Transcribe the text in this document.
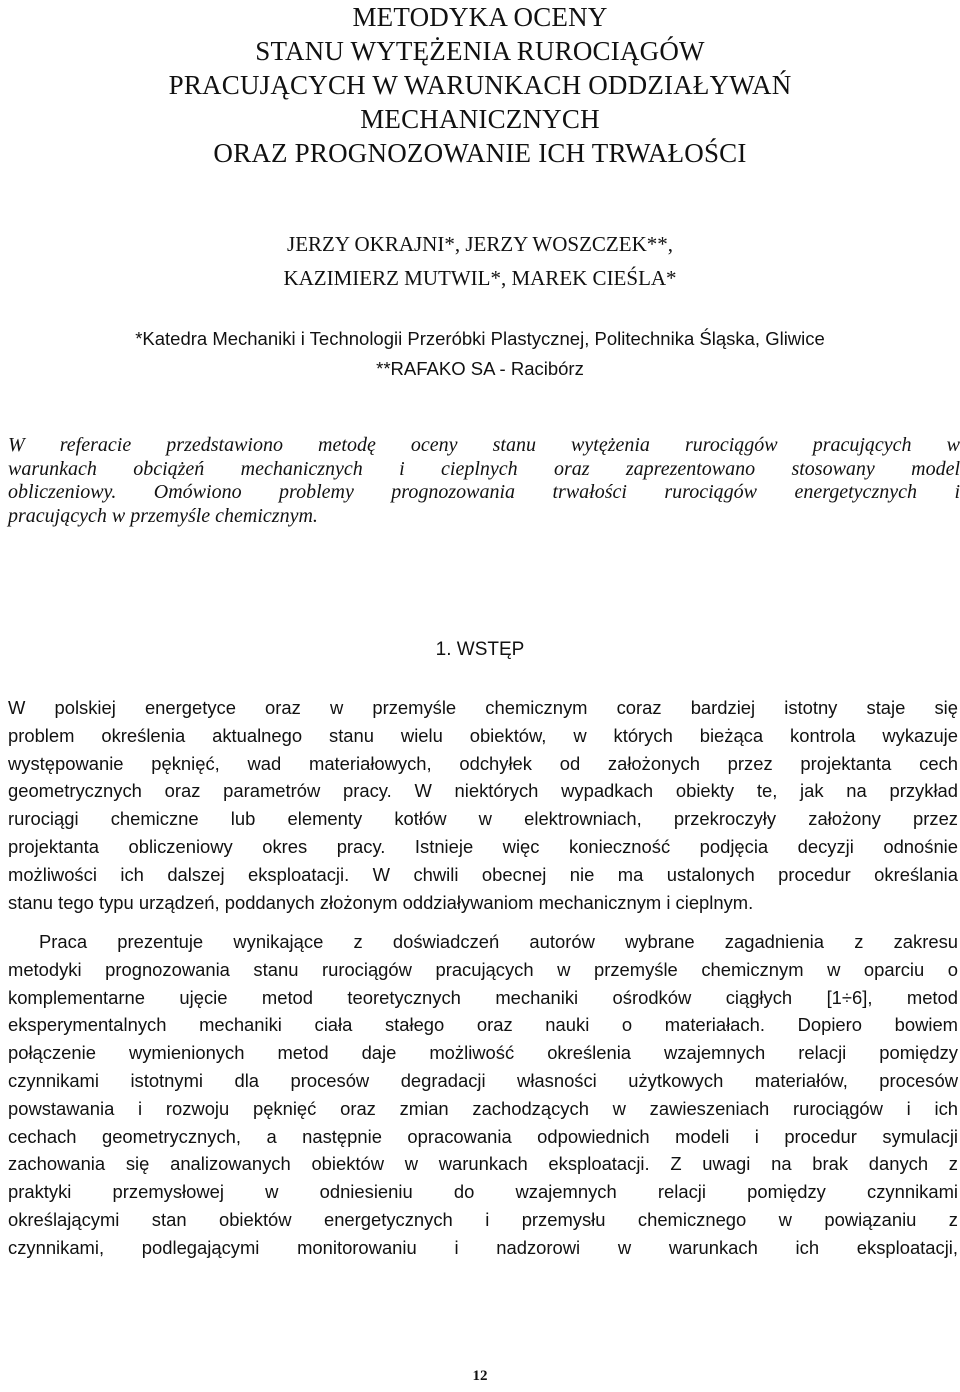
METODYKA OCENY
STANU WYTĘŻENIA RUROCIĄGÓW
PRACUJĄCYCH W WARUNKACH ODDZIAŁYWAŃ
MECHANICZNYCH
ORAZ PROGNOZOWANIE ICH TRWAŁOŚCI
JERZY OKRAJNI*, JERZY WOSZCZEK**,
KAZIMIERZ MUTWIL*, MAREK CIEŚLA*
*Katedra Mechaniki i Technologii Przeróbki Plastycznej, Politechnika Śląska, Gliwice
**RAFAKO SA - Racibórz
W referacie przedstawiono metodę oceny stanu wytężenia rurociągów pracujących w
warunkach obciążeń mechanicznych i cieplnych oraz zaprezentowano stosowany model
obliczeniowy. Omówiono problemy prognozowania trwałości rurociągów energetycznych i
pracujących w przemyśle chemicznym.
1. WSTĘP
W polskiej energetyce oraz w przemyśle chemicznym coraz bardziej istotny staje się
problem określenia aktualnego stanu wielu obiektów, w których bieżąca kontrola wykazuje
występowanie pęknięć, wad materiałowych, odchyłek od założonych przez projektanta cech
geometrycznych oraz parametrów pracy. W niektórych wypadkach obiekty te, jak na przykład
rurociągi chemiczne lub elementy kotłów w elektrowniach, przekroczyły założony przez
projektanta obliczeniowy okres pracy. Istnieje więc konieczność podjęcia decyzji odnośnie
możliwości ich dalszej eksploatacji. W chwili obecnej nie ma ustalonych procedur określania
stanu tego typu urządzeń, poddanych złożonym oddziaływaniom mechanicznym i cieplnym.
Praca prezentuje wynikające z doświadczeń autorów wybrane zagadnienia z zakresu
metodyki prognozowania stanu rurociągów pracujących w przemyśle chemicznym w oparciu o
komplementarne ujęcie metod teoretycznych mechaniki ośrodków ciągłych [1÷6], metod
eksperymentalnych mechaniki ciała stałego oraz nauki o materiałach. Dopiero bowiem
połączenie wymienionych metod daje możliwość określenia wzajemnych relacji pomiędzy
czynnikami istotnymi dla procesów degradacji własności użytkowych materiałów, procesów
powstawania i rozwoju pęknięć oraz zmian zachodzących w zawieszeniach rurociągów i ich
cechach geometrycznych, a następnie opracowania odpowiednich modeli i procedur symulacji
zachowania się analizowanych obiektów w warunkach eksploatacji. Z uwagi na brak danych z
praktyki przemysłowej w odniesieniu do wzajemnych relacji pomiędzy czynnikami
określającymi stan obiektów energetycznych i przemysłu chemicznego w powiązaniu z
czynnikami, podlegającymi monitorowaniu i nadzorowi w warunkach ich eksploatacji,
12
